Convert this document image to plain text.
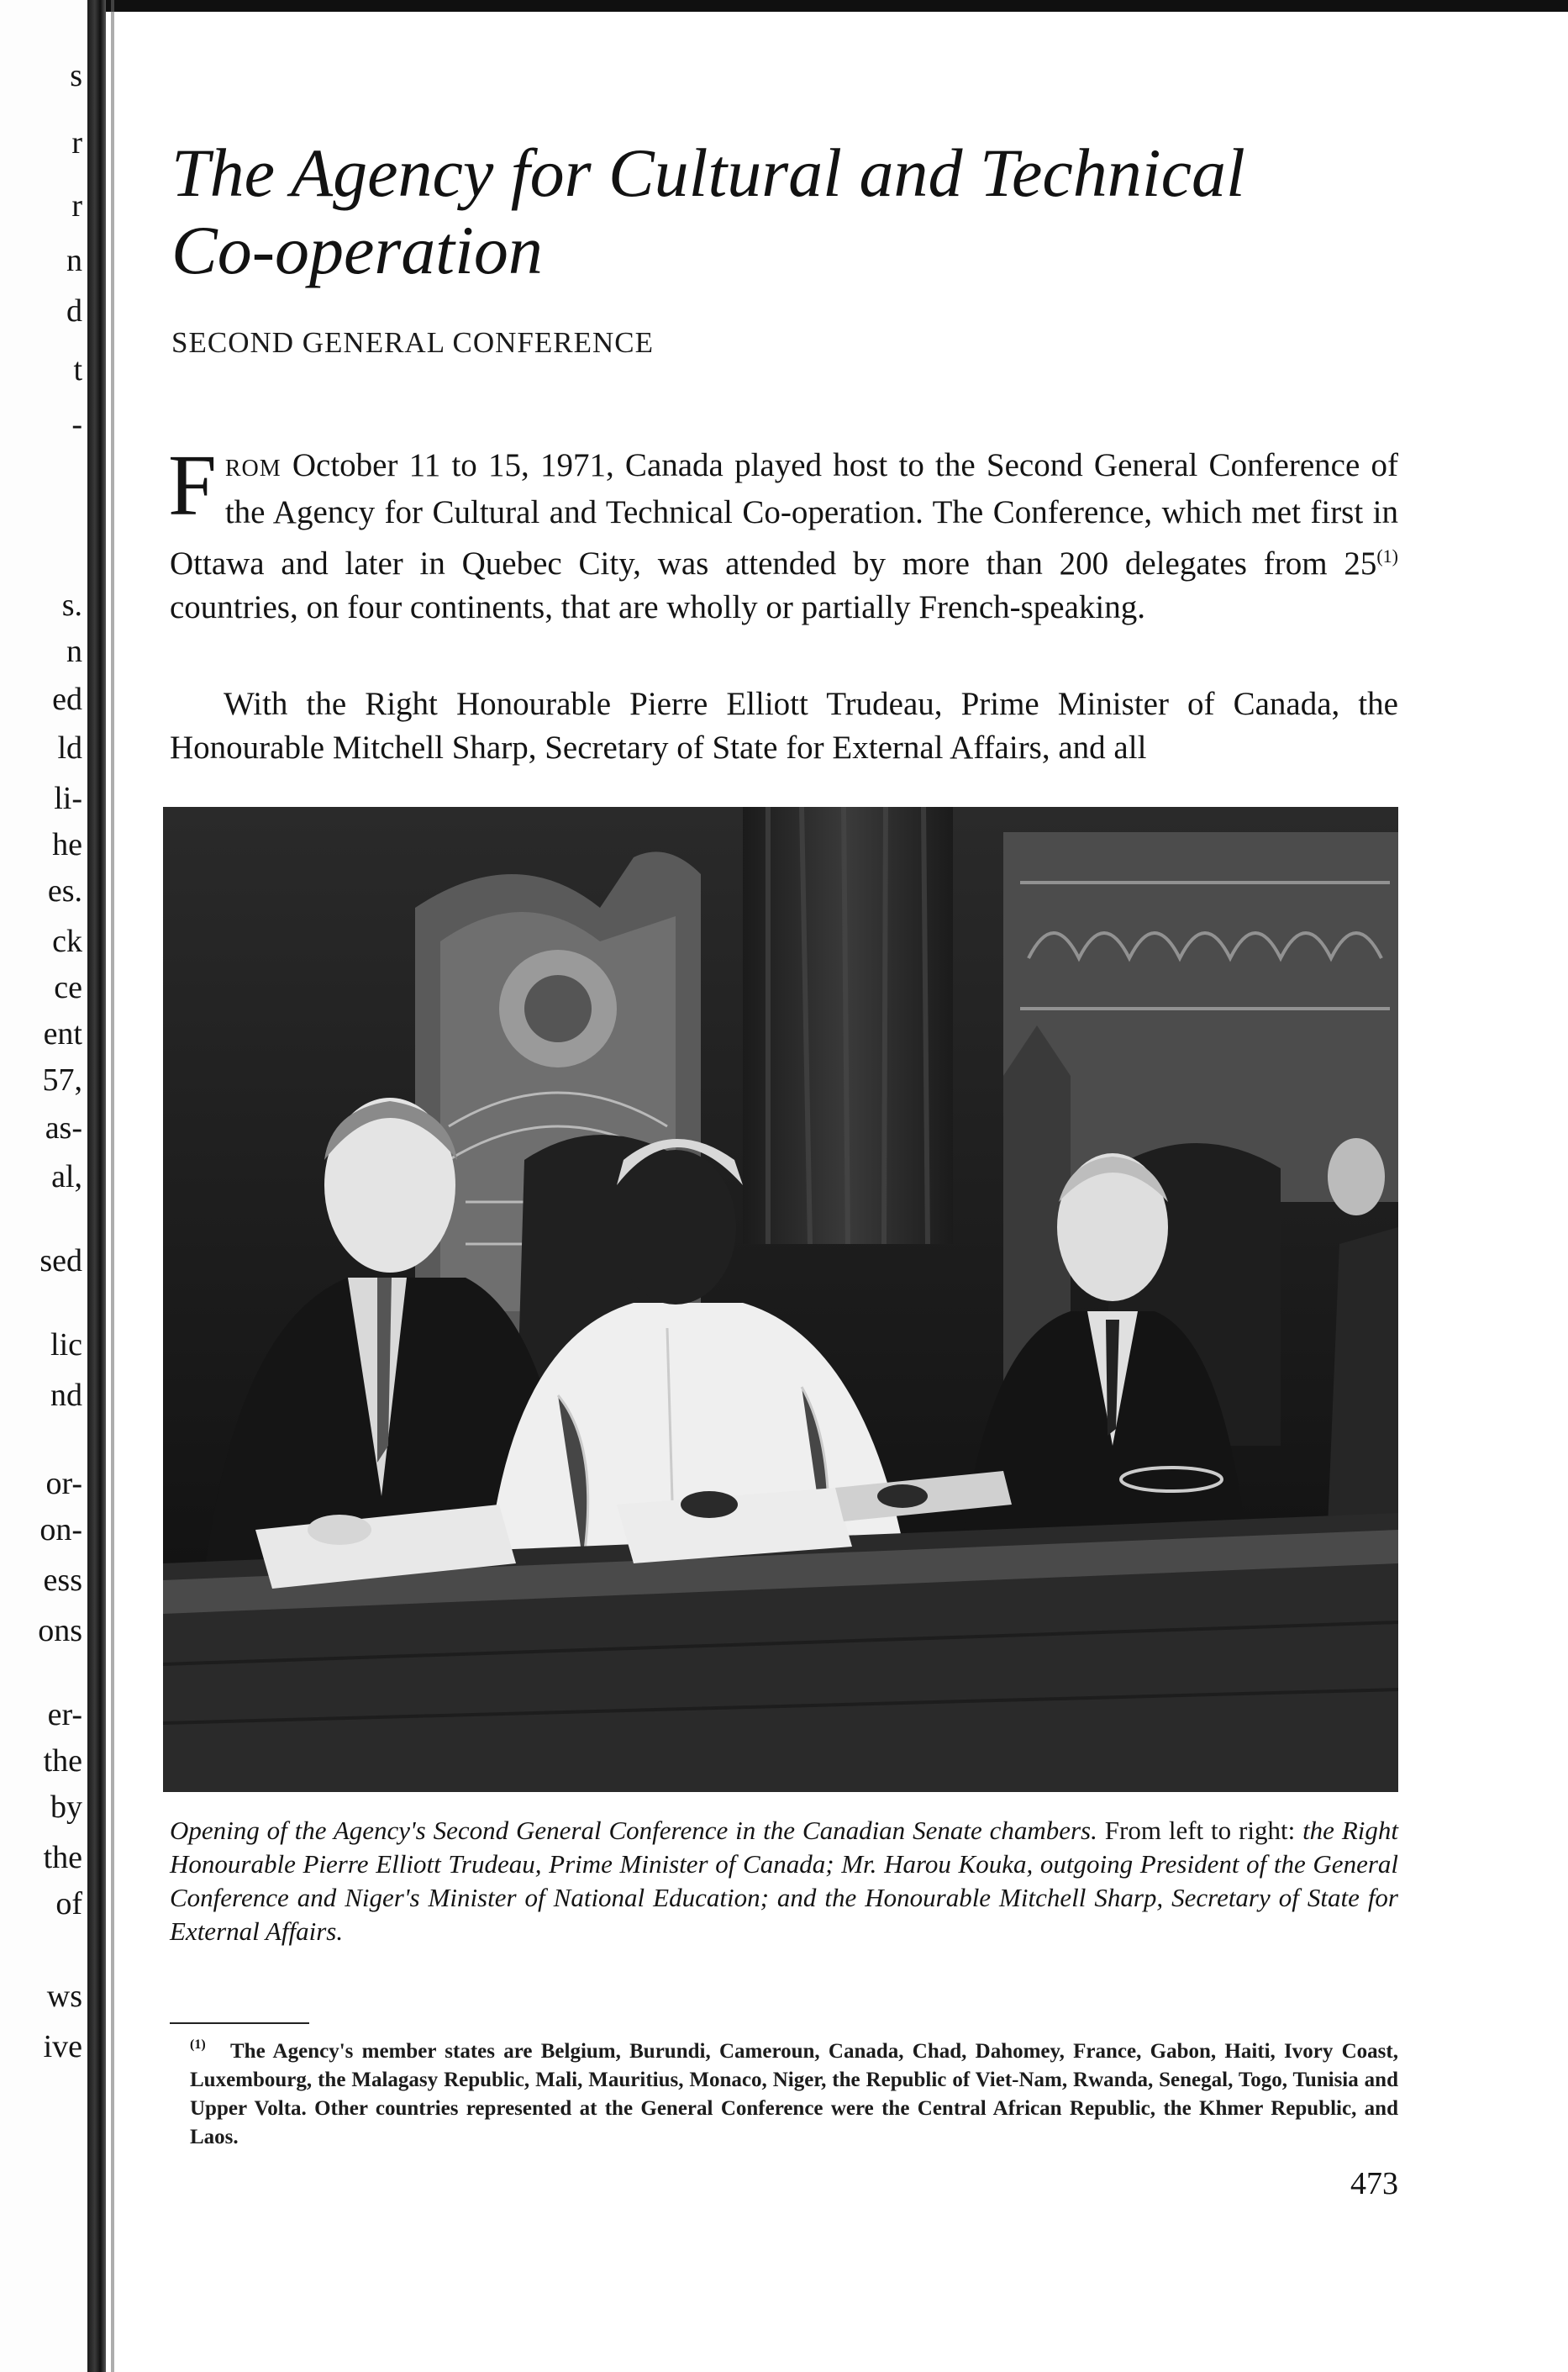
s
r
r
n
d
t
-
s.
n
ed
ld
li-
he
es.
ck
ce
ent
57,
as-
al,
sed
lic
nd
or-
on-
ess
ons
er-
the
by
the
of
ws
ive
The Agency for Cultural and Technical
Co-operation
SECOND GENERAL CONFERENCE

FROM October 11 to 15, 1971, Canada played host to the Second General Conference of the Agency for Cultural and Technical Co-operation. The Conference, which met first in Ottawa and later in Quebec City, was attended by more than 200 delegates from 25$^{(1)}$ countries, on four continents, that are wholly or partially French-speaking.

With the Right Honourable Pierre Elliott Trudeau, Prime Minister of Canada, the Honourable Mitchell Sharp, Secretary of State for External Affairs, and all

Opening of the Agency's Second General Conference in the Canadian Senate chambers. From left to right: the Right Honourable Pierre Elliott Trudeau, Prime Minister of Canada; Mr. Harou Kouka, outgoing President of the General Conference and Niger's Minister of National Education; and the Honourable Mitchell Sharp, Secretary of State for External Affairs.

(1)	The Agency's member states are Belgium, Burundi, Cameroun, Canada, Chad, Dahomey, France, Gabon, Haiti, Ivory Coast, Luxembourg, the Malagasy Republic, Mali, Mauritius, Monaco, Niger, the Republic of Viet-Nam, Rwanda, Senegal, Togo, Tunisia and Upper Volta. Other countries represented at the General Conference were the Central African Republic, the Khmer Republic, and Laos.

473
